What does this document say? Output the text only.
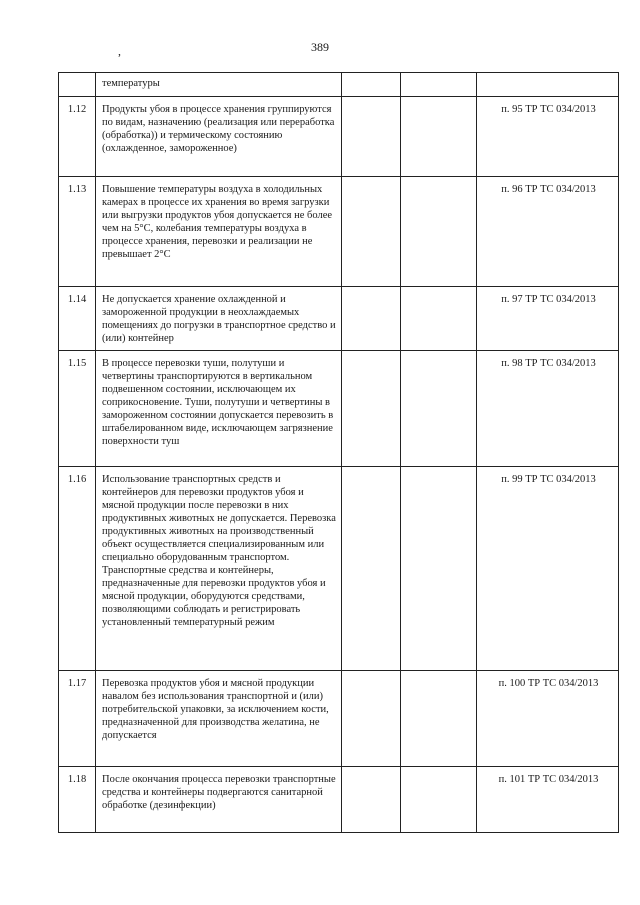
389
,
	температуры			
1.12	Продукты убоя в процессе хранения группируются по видам, назначению (реализация или переработка (обработка)) и термическому состоянию (охлажденное, замороженное)			п. 95 ТР ТС 034/2013
1.13	Повышение температуры воздуха в холодильных камерах в процессе их хранения во время загрузки или выгрузки продуктов убоя допускается не более чем на 5°С, колебания температуры воздуха в процессе хранения, перевозки и реализации не превышает 2°С			п. 96 ТР ТС 034/2013
1.14	Не допускается хранение охлажденной и замороженной продукции в неохлаждаемых помещениях до погрузки в транспортное средство и (или) контейнер			п. 97 ТР ТС 034/2013
1.15	В процессе перевозки туши, полутуши и четвертины транспортируются в вертикальном подвешенном состоянии, исключающем их соприкосновение. Туши, полутуши и четвертины в замороженном состоянии допускается перевозить в штабелированном виде, исключающем загрязнение поверхности туш			п. 98 ТР ТС 034/2013
1.16	Использование транспортных средств и контейнеров для перевозки продуктов убоя и мясной продукции после перевозки в них продуктивных животных не допускается. Перевозка продуктивных животных на производственный объект осуществляется специализированным или специально оборудованным транспортом. Транспортные средства и контейнеры, предназначенные для перевозки продуктов убоя и мясной продукции, оборудуются средствами, позволяющими соблюдать и регистрировать установленный температурный режим			п. 99 ТР ТС 034/2013
1.17	Перевозка продуктов убоя и мясной продукции навалом без использования транспортной и (или) потребительской упаковки, за исключением кости, предназначенной для производства желатина, не допускается			п. 100 ТР ТС 034/2013
1.18	После окончания процесса перевозки транспортные средства и контейнеры подвергаются санитарной обработке (дезинфекции)			п. 101 ТР ТС 034/2013
